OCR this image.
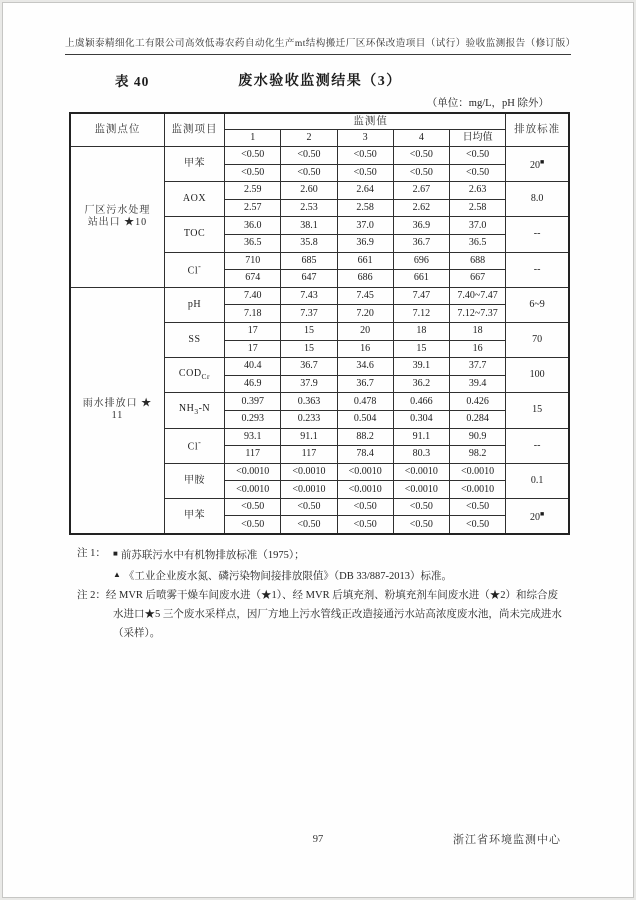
上虞颖泰精细化工有限公司高效低毒农药自动化生产mt结构搬迁厂区环保改造项目（试行）验收监测报告（修订版）
表 40	废水验收监测结果（3）
（单位：mg/L，pH 除外）
监测点位	监测项目	监测值					排放标准
		1	2	3	4	日均值	

厂区污水处理
站出口 ★10	甲苯	<0.50	<0.50	<0.50	<0.50	<0.50	20■
		<0.50	<0.50	<0.50	<0.50	<0.50	
	AOX	2.59	2.60	2.64	2.67	2.63	8.0
		2.57	2.53	2.58	2.62	2.58	
	TOC	36.0	38.1	37.0	36.9	37.0	--
		36.5	35.8	36.9	36.7	36.5	
	Cl-	710	685	661	696	688	--
		674	647	686	661	667	

雨水排放口 ★
11	pH	7.40	7.43	7.45	7.47	7.40~7.47	6~9
		7.18	7.37	7.20	7.12	7.12~7.37	
	SS	17	15	20	18	18	70
		17	15	16	15	16	
	$COD_{Cr}$	40.4	36.7	34.6	39.1	37.7	100
		46.9	37.9	36.7	36.2	39.4	
	$NH_3-N$	0.397	0.363	0.478	0.466	0.426	15
		0.293	0.233	0.504	0.304	0.284	
	Cl-	93.1	91.1	88.2	91.1	90.9	--
		117	117	78.4	80.3	98.2	
	甲胺	<0.0010	<0.0010	<0.0010	<0.0010	<0.0010	0.1
		<0.0010	<0.0010	<0.0010	<0.0010	<0.0010	
	甲苯	<0.50	<0.50	<0.50	<0.50	<0.50	20■
		<0.50	<0.50	<0.50	<0.50	<0.50	
注 1： ■ 前苏联污水中有机物排放标准（1975）；
▲ 《工业企业废水氮、磷污染物间接排放限值》（DB 33/887-2013）标准。
注 2：经 MVR 后喷雾干燥车间废水进（★1）、经 MVR 后填充剂、粉填充剂车间废水进（★2）和综合废水进口★5 三个废水采样点，因厂方地上污水管线正改造接通污水站高浓度废水池，尚未完成进水（采样）。
97	浙江省环境监测中心
